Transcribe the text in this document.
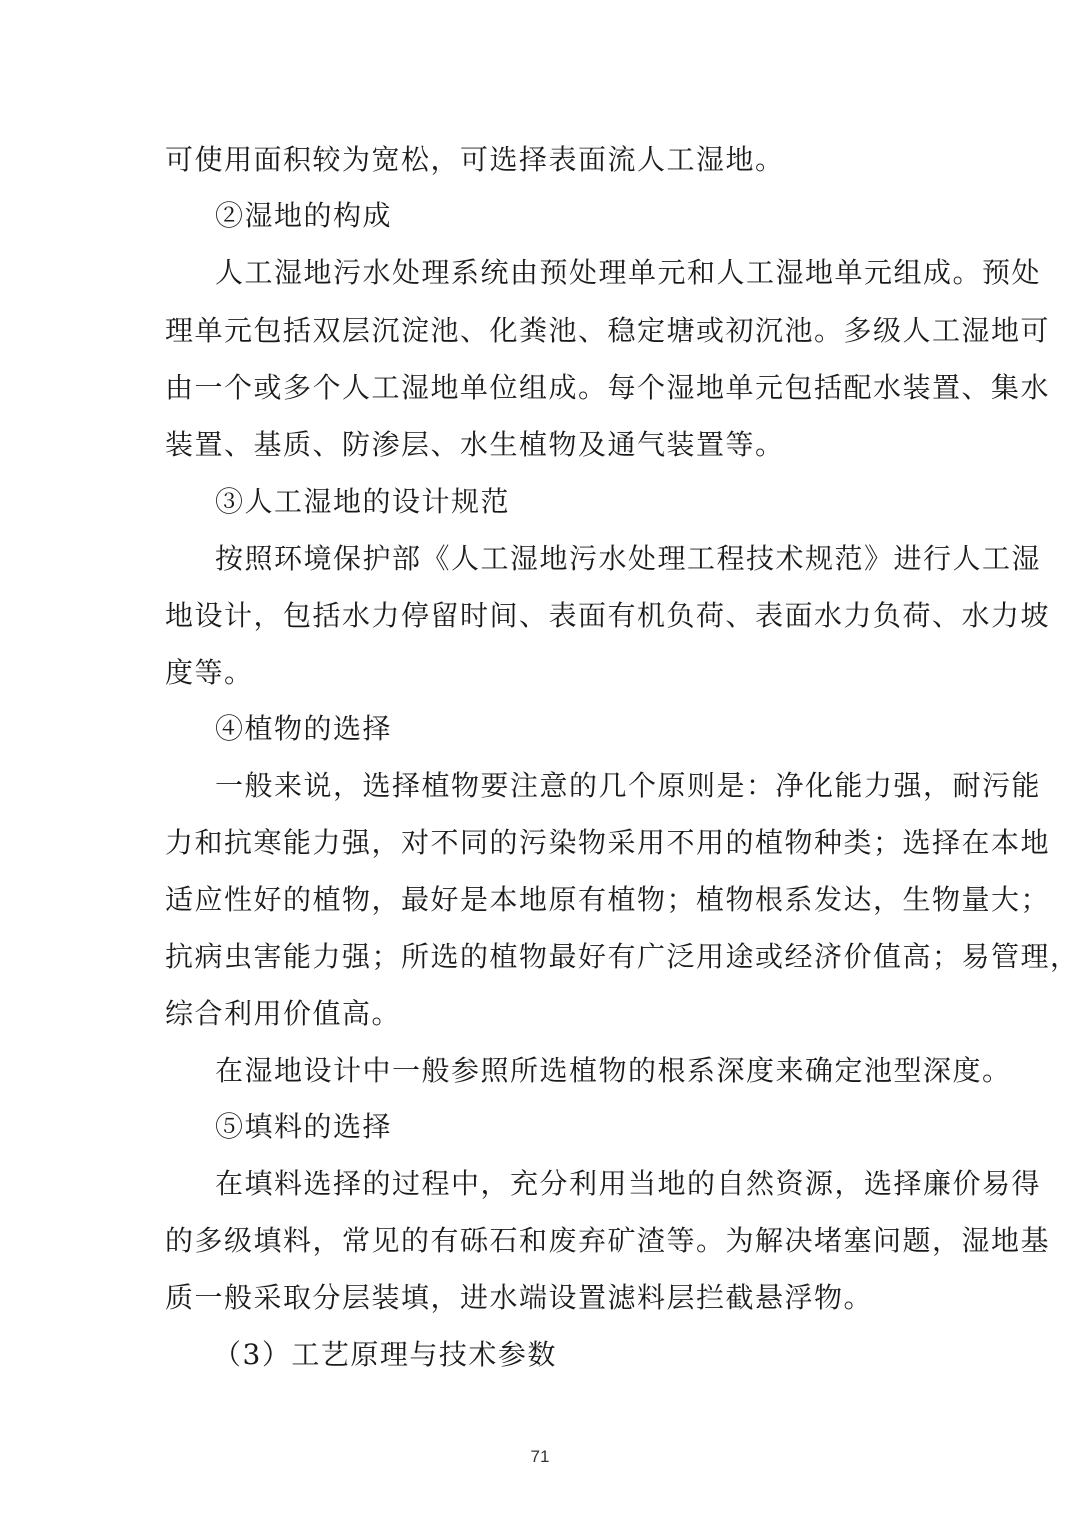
可使用面积较为宽松，可选择表面流人工湿地。
②湿地的构成
人工湿地污水处理系统由预处理单元和人工湿地单元组成。预处
理单元包括双层沉淀池、化粪池、稳定塘或初沉池。多级人工湿地可
由一个或多个人工湿地单位组成。每个湿地单元包括配水装置、集水
装置、基质、防渗层、水生植物及通气装置等。
③人工湿地的设计规范
按照环境保护部《人工湿地污水处理工程技术规范》进行人工湿
地设计，包括水力停留时间、表面有机负荷、表面水力负荷、水力坡
度等。
④植物的选择
一般来说，选择植物要注意的几个原则是：净化能力强，耐污能
力和抗寒能力强，对不同的污染物采用不用的植物种类；选择在本地
适应性好的植物，最好是本地原有植物；植物根系发达，生物量大；
抗病虫害能力强；所选的植物最好有广泛用途或经济价值高；易管理，
综合利用价值高。
在湿地设计中一般参照所选植物的根系深度来确定池型深度。
⑤填料的选择
在填料选择的过程中，充分利用当地的自然资源，选择廉价易得
的多级填料，常见的有砾石和废弃矿渣等。为解决堵塞问题，湿地基
质一般采取分层装填，进水端设置滤料层拦截悬浮物。
（3）工艺原理与技术参数
71
